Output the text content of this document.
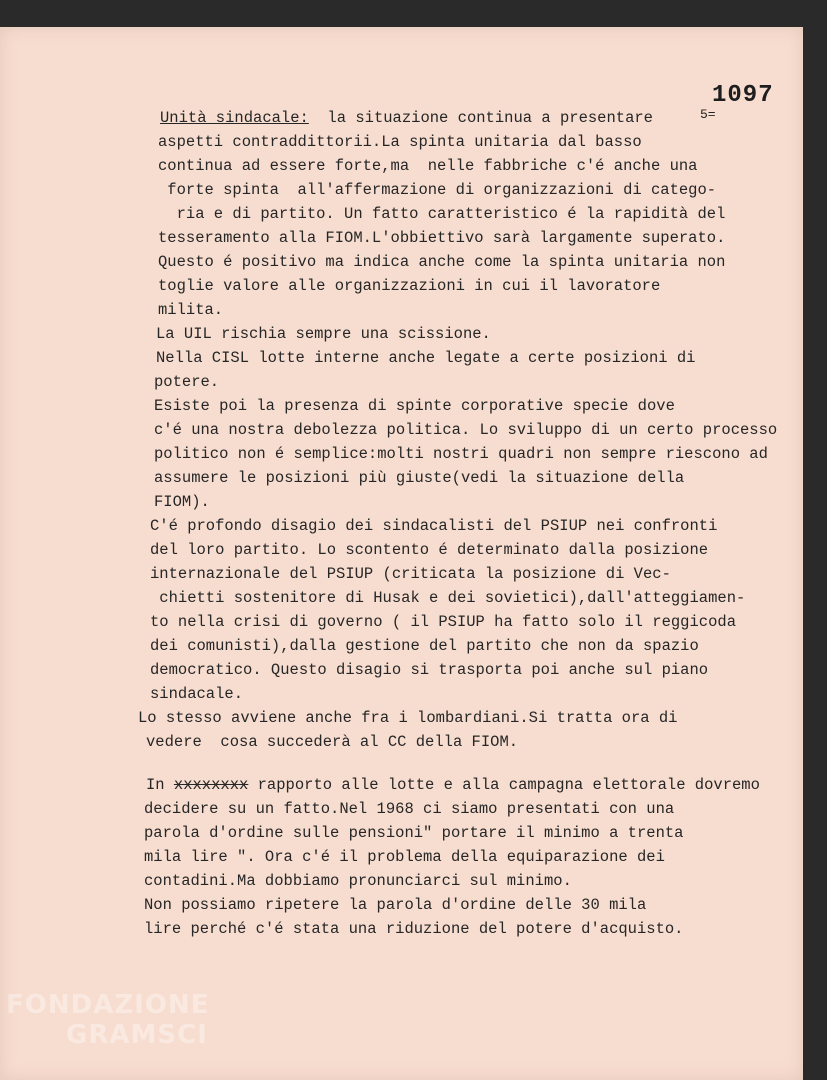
1097
5=
Unità sindacale:  la situazione continua a presentare
aspetti contraddittorii.La spinta unitaria dal basso
continua ad essere forte,ma  nelle fabbriche c'é anche una
forte spinta  all'affermazione di organizzazioni di catego-
ria e di partito. Un fatto caratteristico é la rapidità del
tesseramento alla FIOM.L'obbiettivo sarà largamente superato.
Questo é positivo ma indica anche come la spinta unitaria non
toglie valore alle organizzazioni in cui il lavoratore
milita.
La UIL rischia sempre una scissione.
Nella CISL lotte interne anche legate a certe posizioni di
potere.
Esiste poi la presenza di spinte corporative specie dove
c'é una nostra debolezza politica. Lo sviluppo di un certo processo
politico non é semplice:molti nostri quadri non sempre riescono ad
assumere le posizioni più giuste(vedi la situazione della
FIOM).
C'é profondo disagio dei sindacalisti del PSIUP nei confronti
del loro partito. Lo scontento é determinato dalla posizione
internazionale del PSIUP (criticata la posizione di Vec-
chietti sostenitore di Husak e dei sovietici),dall'atteggiamen-
to nella crisi di governo ( il PSIUP ha fatto solo il reggicoda
dei comunisti),dalla gestione del partito che non da spazio
democratico. Questo disagio si trasporta poi anche sul piano
sindacale.
Lo stesso avviene anche fra i lombardiani.Si tratta ora di
vedere  cosa succederà al CC della FIOM.
In xxxxxxxx rapporto alle lotte e alla campagna elettorale dovremo
decidere su un fatto.Nel 1968 ci siamo presentati con una
parola d'ordine sulle pensioni" portare il minimo a trenta
mila lire ". Ora c'é il problema della equiparazione dei
contadini.Ma dobbiamo pronunciarci sul minimo.
Non possiamo ripetere la parola d'ordine delle 30 mila
lire perché c'é stata una riduzione del potere d'acquisto.
FONDAZIONE
GRAMSCI
